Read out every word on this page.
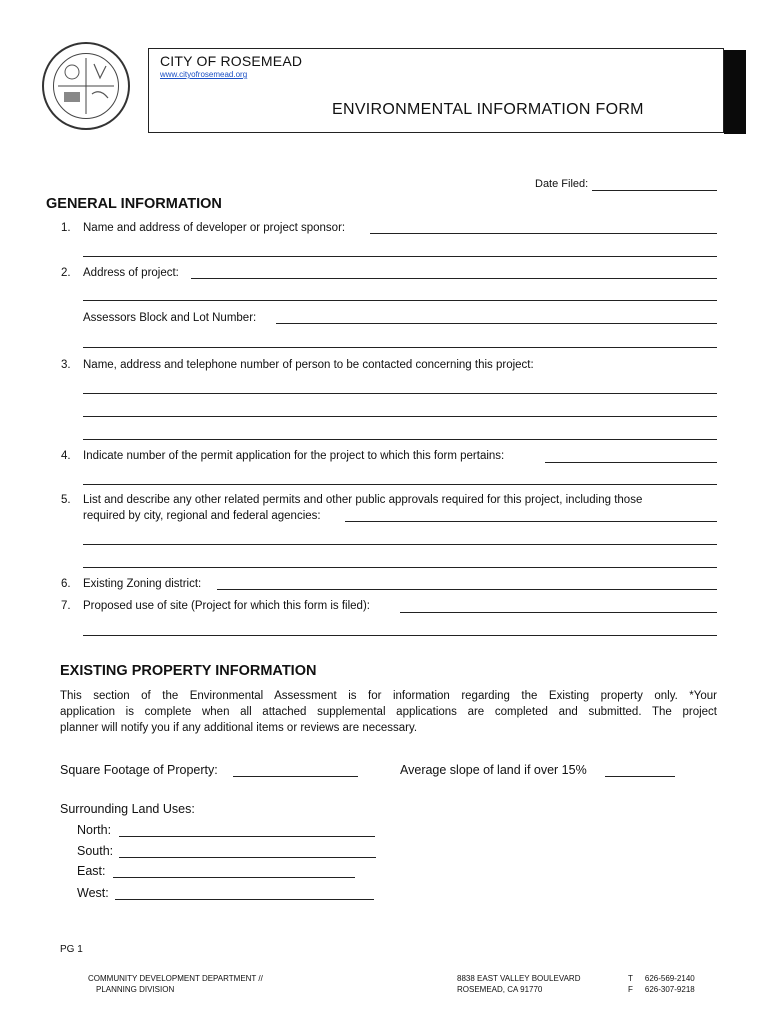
CITY OF ROSEMEAD
www.cityofrosemead.org
ENVIRONMENTAL INFORMATION FORM
Date Filed:
GENERAL INFORMATION
1. Name and address of developer or project sponsor:
2. Address of project:
Assessors Block and Lot Number:
3. Name, address and telephone number of person to be contacted concerning this project:
4. Indicate number of the permit application for the project to which this form pertains:
5. List and describe any other related permits and other public approvals required for this project, including those
required by city, regional and federal agencies:
6. Existing Zoning district:
7. Proposed use of site (Project for which this form is filed):
EXISTING PROPERTY INFORMATION
This section of the Environmental Assessment is for information regarding the Existing property only. *Your
application is complete when all attached supplemental applications are completed and submitted. The project
planner will notify you if any additional items or reviews are necessary.
Square Footage of Property:	Average slope of land if over 15%
Surrounding Land Uses:
North:
South:
East:
West:
PG 1
COMMUNITY DEVELOPMENT DEPARTMENT //
PLANNING DIVISION
8838 EAST VALLEY BOULEVARD
ROSEMEAD, CA 91770
T 626-569-2140
F 626-307-9218
